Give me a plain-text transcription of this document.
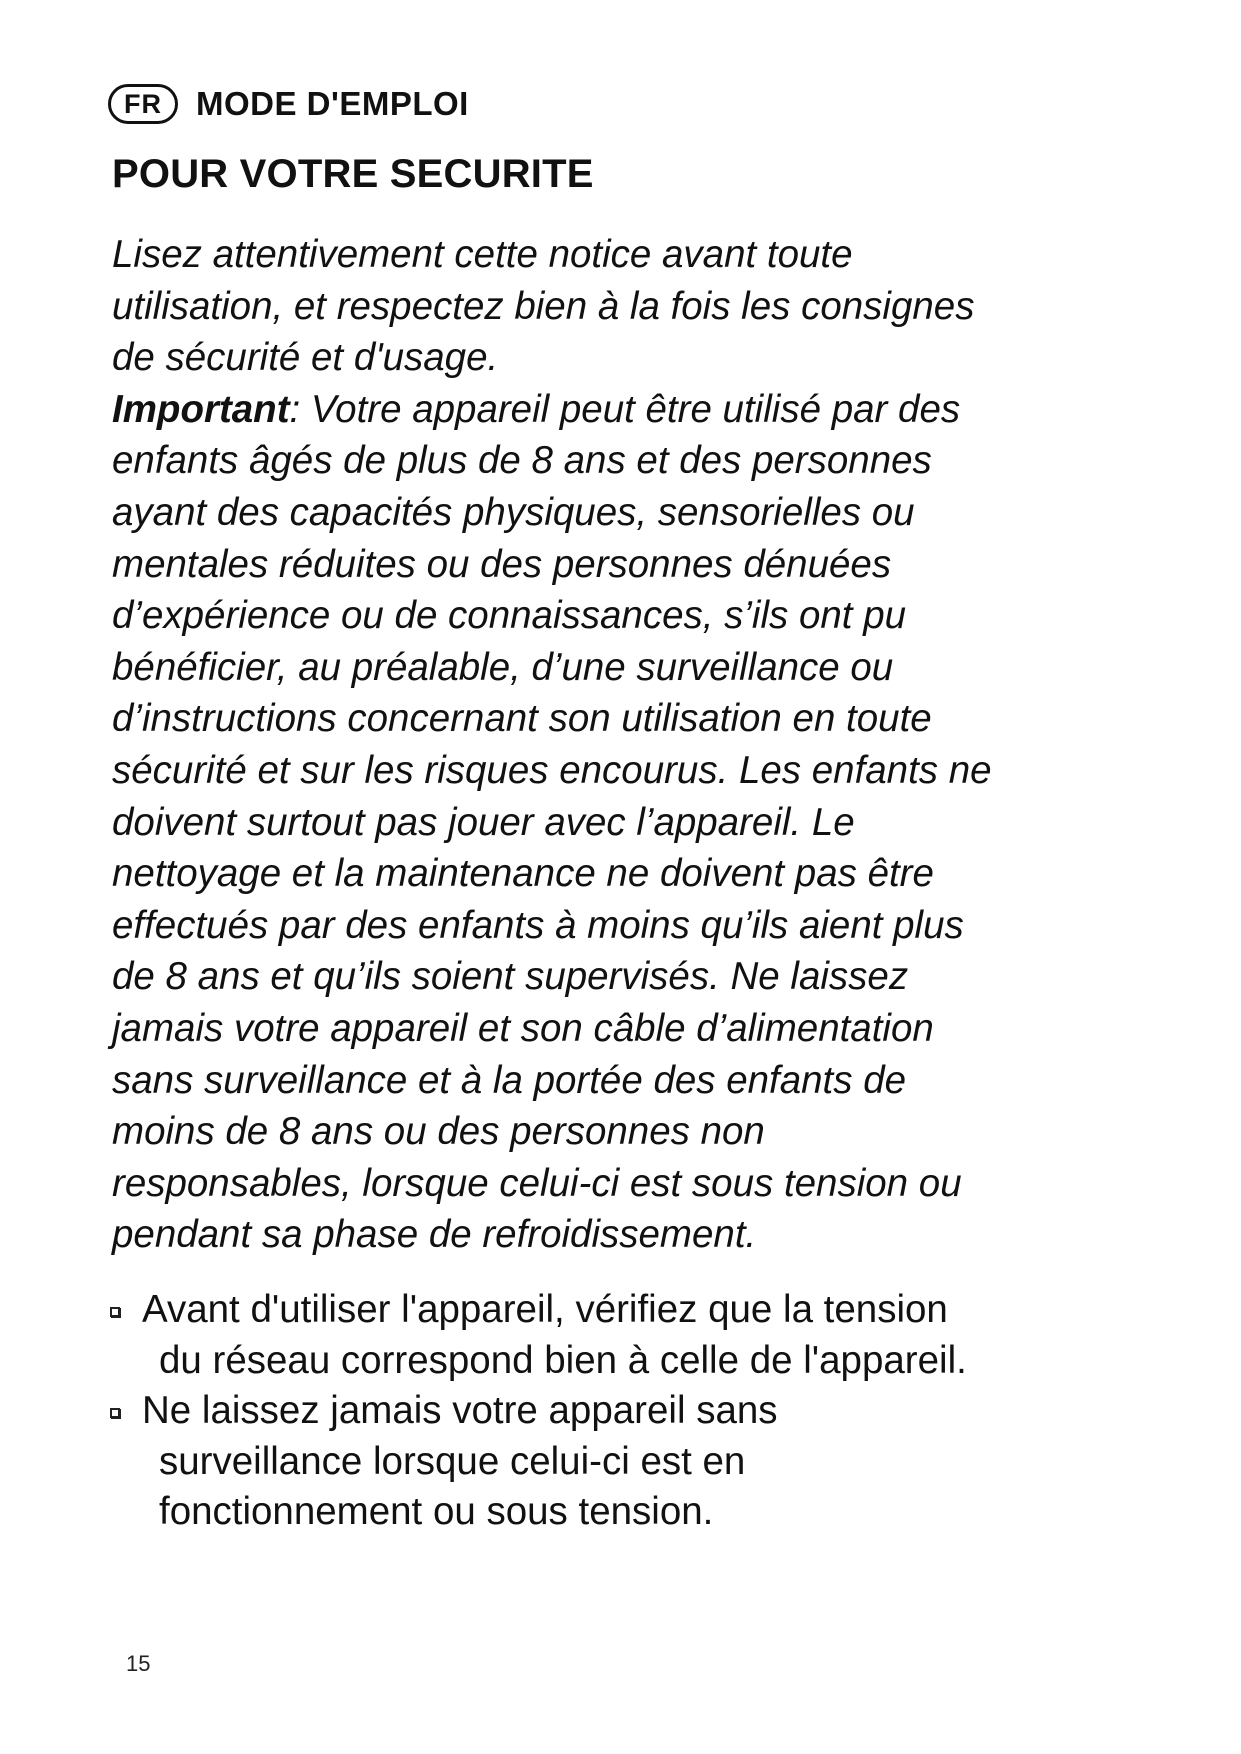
FR	MODE D'EMPLOI
POUR VOTRE SECURITE

Lisez attentivement cette notice avant toute
utilisation, et respectez bien à la fois les consignes
de sécurité et d'usage.
Important: Votre appareil peut être utilisé par des
enfants âgés de plus de 8 ans et des personnes
ayant des capacités physiques, sensorielles ou
mentales réduites ou des personnes dénuées
d’expérience ou de connaissances, s’ils ont pu
bénéficier, au préalable, d’une surveillance ou
d’instructions concernant son utilisation en toute
sécurité et sur les risques encourus. Les enfants ne
doivent surtout pas jouer avec l’appareil. Le
nettoyage et la maintenance ne doivent pas être
effectués par des enfants à moins qu’ils aient plus
de 8 ans et qu’ils soient supervisés. Ne laissez
jamais votre appareil et son câble d’alimentation
sans surveillance et à la portée des enfants de
moins de 8 ans ou des personnes non
responsables, lorsque celui-ci est sous tension ou
pendant sa phase de refroidissement.

Avant d'utiliser l'appareil, vérifiez que la tension
du réseau correspond bien à celle de l'appareil.
Ne laissez jamais votre appareil sans
surveillance lorsque celui-ci est en
fonctionnement ou sous tension.
15
